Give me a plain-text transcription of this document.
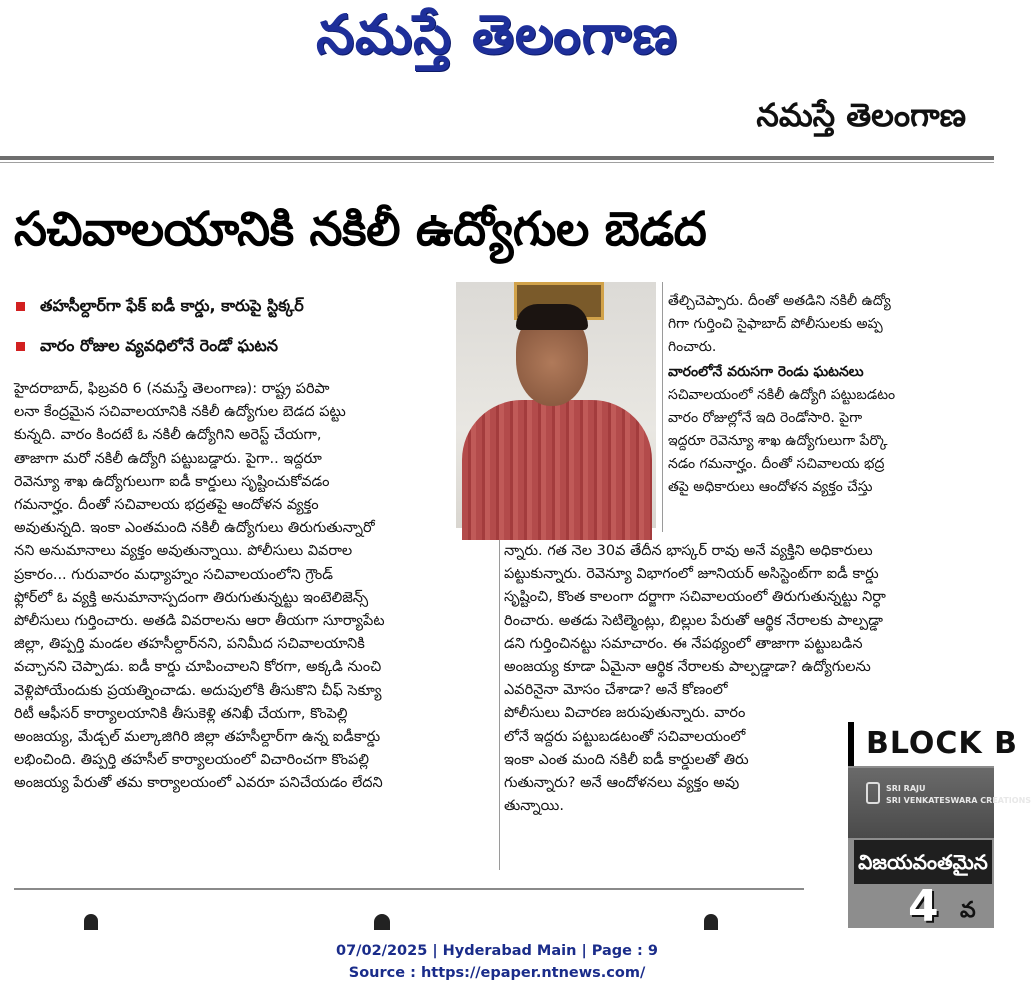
నమస్తే తెలంగాణ
నమస్తే తెలంగాణ
సచివాలయానికి నకిలీ ఉద్యోగుల బెడద
తహసీల్దార్‌గా ఫేక్ ఐడీ కార్డు, కారుపై స్టిక్కర్
వారం రోజుల వ్యవధిలోనే రెండో ఘటన
తేల్చిచెప్పారు. దీంతో అతడిని నకిలీ ఉద్యో
గిగా గుర్తించి సైఫాబాద్ పోలీసులకు అప్ప
గించారు.
వారంలోనే వరుసగా రెండు ఘటనలు
సచివాలయంలో నకిలీ ఉద్యోగి పట్టుబడటం
వారం రోజుల్లోనే ఇది రెండోసారి. పైగా
ఇద్దరూ రెవెన్యూ శాఖ ఉద్యోగులుగా పేర్కొ
నడం గమనార్హం. దీంతో సచివాలయ భద్ర
తపై అధికారులు ఆందోళన వ్యక్తం చేస్తు
హైదరాబాద్, ఫిబ్రవరి 6 (నమస్తే తెలంగాణ): రాష్ట్ర పరిపా
లనా కేంద్రమైన సచివాలయానికి నకిలీ ఉద్యోగుల బెడద పట్టు
కున్నది. వారం కిందటే ఓ నకిలీ ఉద్యోగిని అరెస్ట్ చేయగా,
తాజాగా మరో నకిలీ ఉద్యోగి పట్టుబడ్డారు. పైగా.. ఇద్దరూ
రెవెన్యూ శాఖ ఉద్యోగులుగా ఐడీ కార్డులు సృష్టించుకోవడం
గమనార్హం. దీంతో సచివాలయ భద్రతపై ఆందోళన వ్యక్తం
అవుతున్నది. ఇంకా ఎంతమంది నకిలీ ఉద్యోగులు తిరుగుతున్నారో
నని అనుమానాలు వ్యక్తం అవుతున్నాయి. పోలీసులు వివరాల
ప్రకారం... గురువారం మధ్యాహ్నం సచివాలయంలోని గ్రౌండ్
ఫ్లోర్‌లో ఓ వ్యక్తి అనుమానాస్పదంగా తిరుగుతున్నట్టు ఇంటెలిజెన్స్
పోలీసులు గుర్తించారు. అతడి వివరాలను ఆరా తీయగా సూర్యాపేట
జిల్లా, తిప్పర్తి మండల తహసీల్దార్‌నని, పనిమీద సచివాలయానికి
వచ్చానని చెప్పాడు. ఐడీ కార్డు చూపించాలని కోరగా, అక్కడి నుంచి
వెళ్లిపోయేందుకు ప్రయత్నించాడు. అదుపులోకి తీసుకొని చీఫ్ సెక్యూ
రిటీ ఆఫీసర్ కార్యాలయానికి తీసుకెళ్లి తనిఖీ చేయగా, కొంపెల్లి
అంజయ్య, మేడ్చల్ మల్కాజిగిరి జిల్లా తహసీల్దార్‌గా ఉన్న ఐడీకార్డు
లభించింది. తిప్పర్తి తహసీల్ కార్యాలయంలో విచారించగా కొంపల్లి
అంజయ్య పేరుతో తమ కార్యాలయంలో ఎవరూ పనిచేయడం లేదని
న్నారు. గత నెల 30వ తేదీన భాస్కర్ రావు అనే వ్యక్తిని అధికారులు
పట్టుకున్నారు. రెవెన్యూ విభాగంలో జూనియర్ అసిస్టెంట్‌గా ఐడీ కార్డు
సృష్టించి, కొంత కాలంగా దర్జాగా సచివాలయంలో తిరుగుతున్నట్టు నిర్ధా
రించారు. అతడు సెటిల్మెంట్లు, బిల్లుల పేరుతో ఆర్థిక నేరాలకు పాల్పడ్డా
డని గుర్తించినట్టు సమాచారం. ఈ నేపథ్యంలో తాజాగా పట్టుబడిన
అంజయ్య కూడా ఏమైనా ఆర్థిక నేరాలకు పాల్పడ్డాడా? ఉద్యోగులను
ఎవరినైనా మోసం చేశాడా? అనే కోణంలో
పోలీసులు విచారణ జరుపుతున్నారు. వారం
లోనే ఇద్దరు పట్టుబడటంతో సచివాలయంలో
ఇంకా ఎంత మంది నకిలీ ఐడీ కార్డులతో తిరు
గుతున్నారు? అనే ఆందోళనలు వ్యక్తం అవు
తున్నాయి.
BLOCK B
SRI RAJU
SRI VENKATESWARA CREATIONS
విజయవంతమైన
4 వ
07/02/2025 | Hyderabad Main | Page : 9
Source : https://epaper.ntnews.com/
